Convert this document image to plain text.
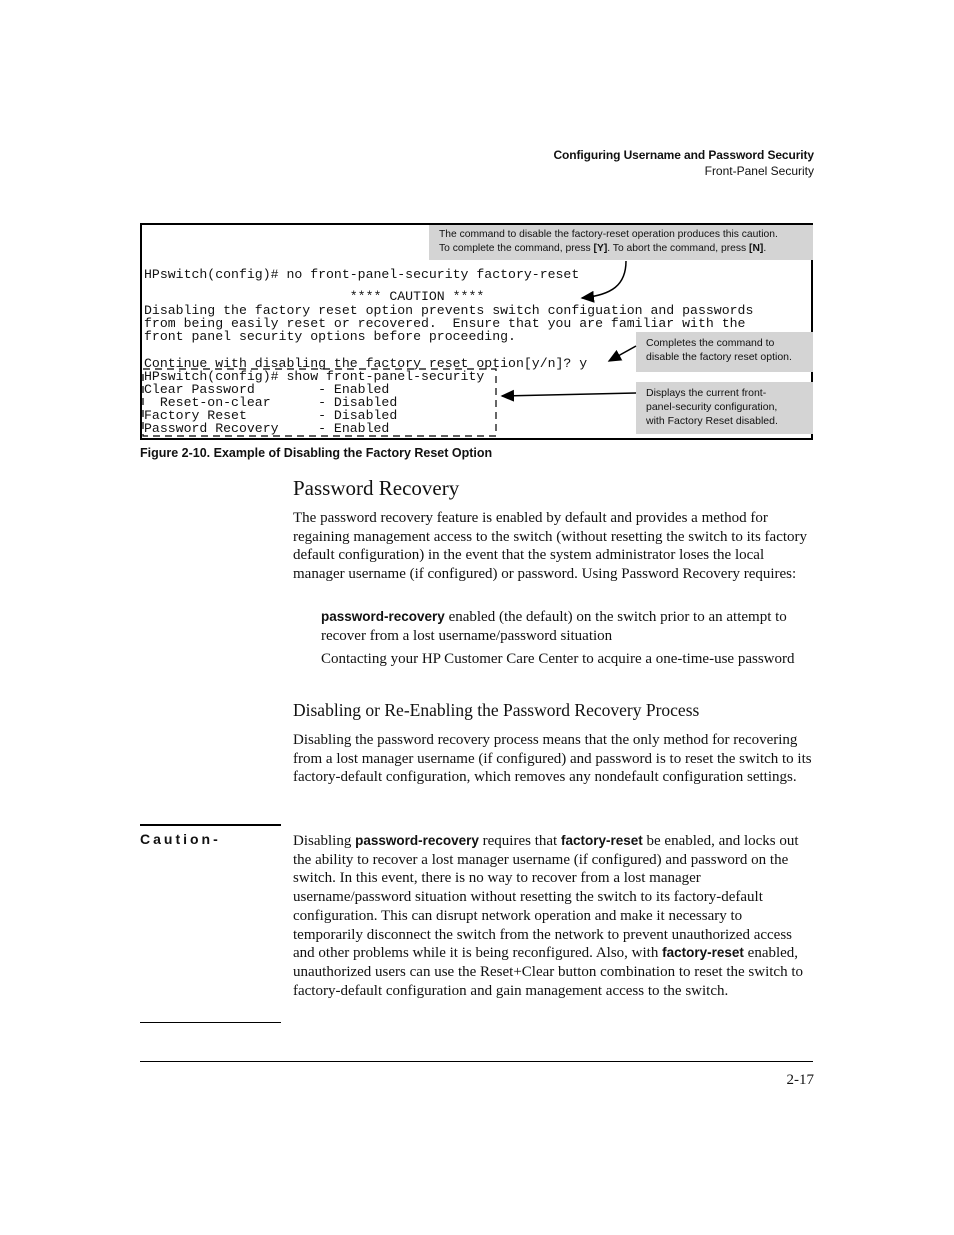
Configuring Username and Password Security
Front-Panel Security
HPswitch(config)# no front-panel-security factory-reset
**** CAUTION ****
Disabling the factory reset option prevents switch configuation and passwords
from being easily reset or recovered.  Ensure that you are familiar with the
front panel security options before proceeding.
Continue with disabling the factory reset option[y/n]? y
HPswitch(config)# show front-panel-security
Clear Password        - Enabled
Reset-on-clear      - Disabled
Factory Reset         - Disabled
Password Recovery     - Enabled
The command to disable the factory-reset operation produces this caution.
To complete the command, press [Y]. To abort the command, press [N].
Completes the command to
disable the factory reset option.
Displays the current front-
panel-security configuration,
with Factory Reset disabled.
Figure 2-10. Example of Disabling the Factory Reset Option
Password Recovery

The password recovery feature is enabled by default and provides a method for regaining management access to the switch (without resetting the switch to its factory default configuration) in the event that the system administrator loses the local manager username (if configured) or password. Using Password Recovery requires:

password-recovery enabled (the default) on the switch prior to an attempt to recover from a lost username/password situation

Contacting your HP Customer Care Center to acquire a one-time-use password

Disabling or Re-Enabling the Password Recovery Process

Disabling the password recovery process means that the only method for recovering from a lost manager username (if configured) and password is to reset the switch to its factory-default configuration, which removes any nondefault configuration settings.

Caution-	Disabling password-recovery requires that factory-reset be enabled, and locks out the ability to recover a lost manager username (if configured) and password on the switch. In this event, there is no way to recover from a lost manager username/password situation without resetting the switch to its factory-default configuration. This can disrupt network operation and make it necessary to temporarily disconnect the switch from the network to prevent unauthorized access and other problems while it is being reconfigured. Also, with factory-reset enabled, unauthorized users can use the Reset+Clear button combination to reset the switch to factory-default configuration and gain management access to the switch.

2-17
